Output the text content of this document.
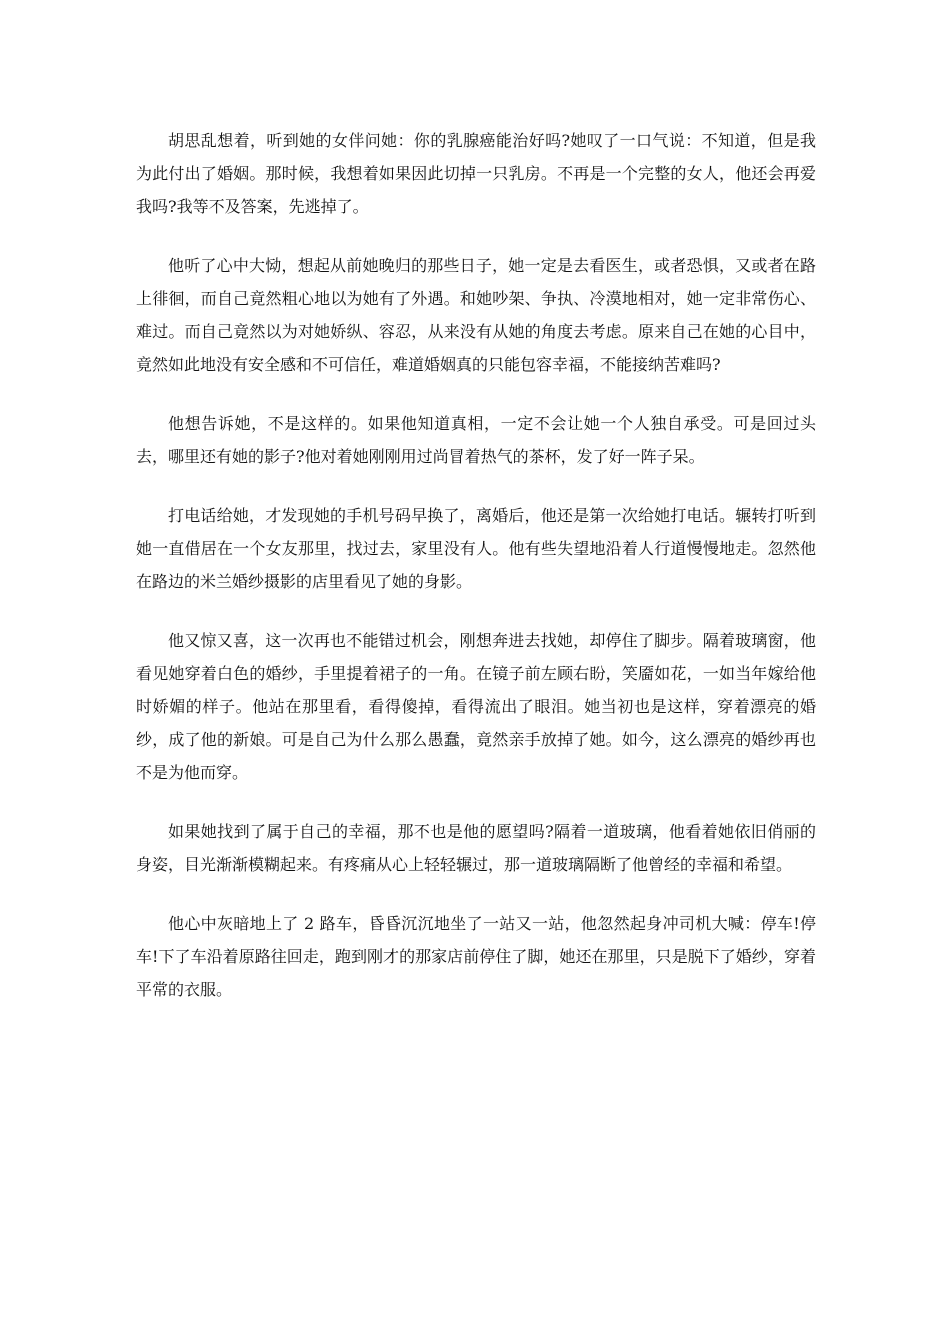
胡思乱想着，听到她的女伴问她：你的乳腺癌能治好吗?她叹了一口气说：不知道，但是我为此付出了婚姻。那时候，我想着如果因此切掉一只乳房。不再是一个完整的女人，他还会再爱我吗?我等不及答案，先逃掉了。

他听了心中大恸，想起从前她晚归的那些日子，她一定是去看医生，或者恐惧，又或者在路上徘徊，而自己竟然粗心地以为她有了外遇。和她吵架、争执、冷漠地相对，她一定非常伤心、难过。而自己竟然以为对她娇纵、容忍，从来没有从她的角度去考虑。原来自己在她的心目中，竟然如此地没有安全感和不可信任，难道婚姻真的只能包容幸福，不能接纳苦难吗?

他想告诉她，不是这样的。如果他知道真相，一定不会让她一个人独自承受。可是回过头去，哪里还有她的影子?他对着她刚刚用过尚冒着热气的茶杯，发了好一阵子呆。

打电话给她，才发现她的手机号码早换了，离婚后，他还是第一次给她打电话。辗转打听到她一直借居在一个女友那里，找过去，家里没有人。他有些失望地沿着人行道慢慢地走。忽然他在路边的米兰婚纱摄影的店里看见了她的身影。

他又惊又喜，这一次再也不能错过机会，刚想奔进去找她，却停住了脚步。隔着玻璃窗，他看见她穿着白色的婚纱，手里提着裙子的一角。在镜子前左顾右盼，笑靥如花，一如当年嫁给他时娇媚的样子。他站在那里看，看得傻掉，看得流出了眼泪。她当初也是这样，穿着漂亮的婚纱，成了他的新娘。可是自己为什么那么愚蠢，竟然亲手放掉了她。如今，这么漂亮的婚纱再也不是为他而穿。

如果她找到了属于自己的幸福，那不也是他的愿望吗?隔着一道玻璃，他看着她依旧俏丽的身姿，目光渐渐模糊起来。有疼痛从心上轻轻辗过，那一道玻璃隔断了他曾经的幸福和希望。

他心中灰暗地上了 2 路车，昏昏沉沉地坐了一站又一站，他忽然起身冲司机大喊：停车!停车!下了车沿着原路往回走，跑到刚才的那家店前停住了脚，她还在那里，只是脱下了婚纱，穿着平常的衣服。
